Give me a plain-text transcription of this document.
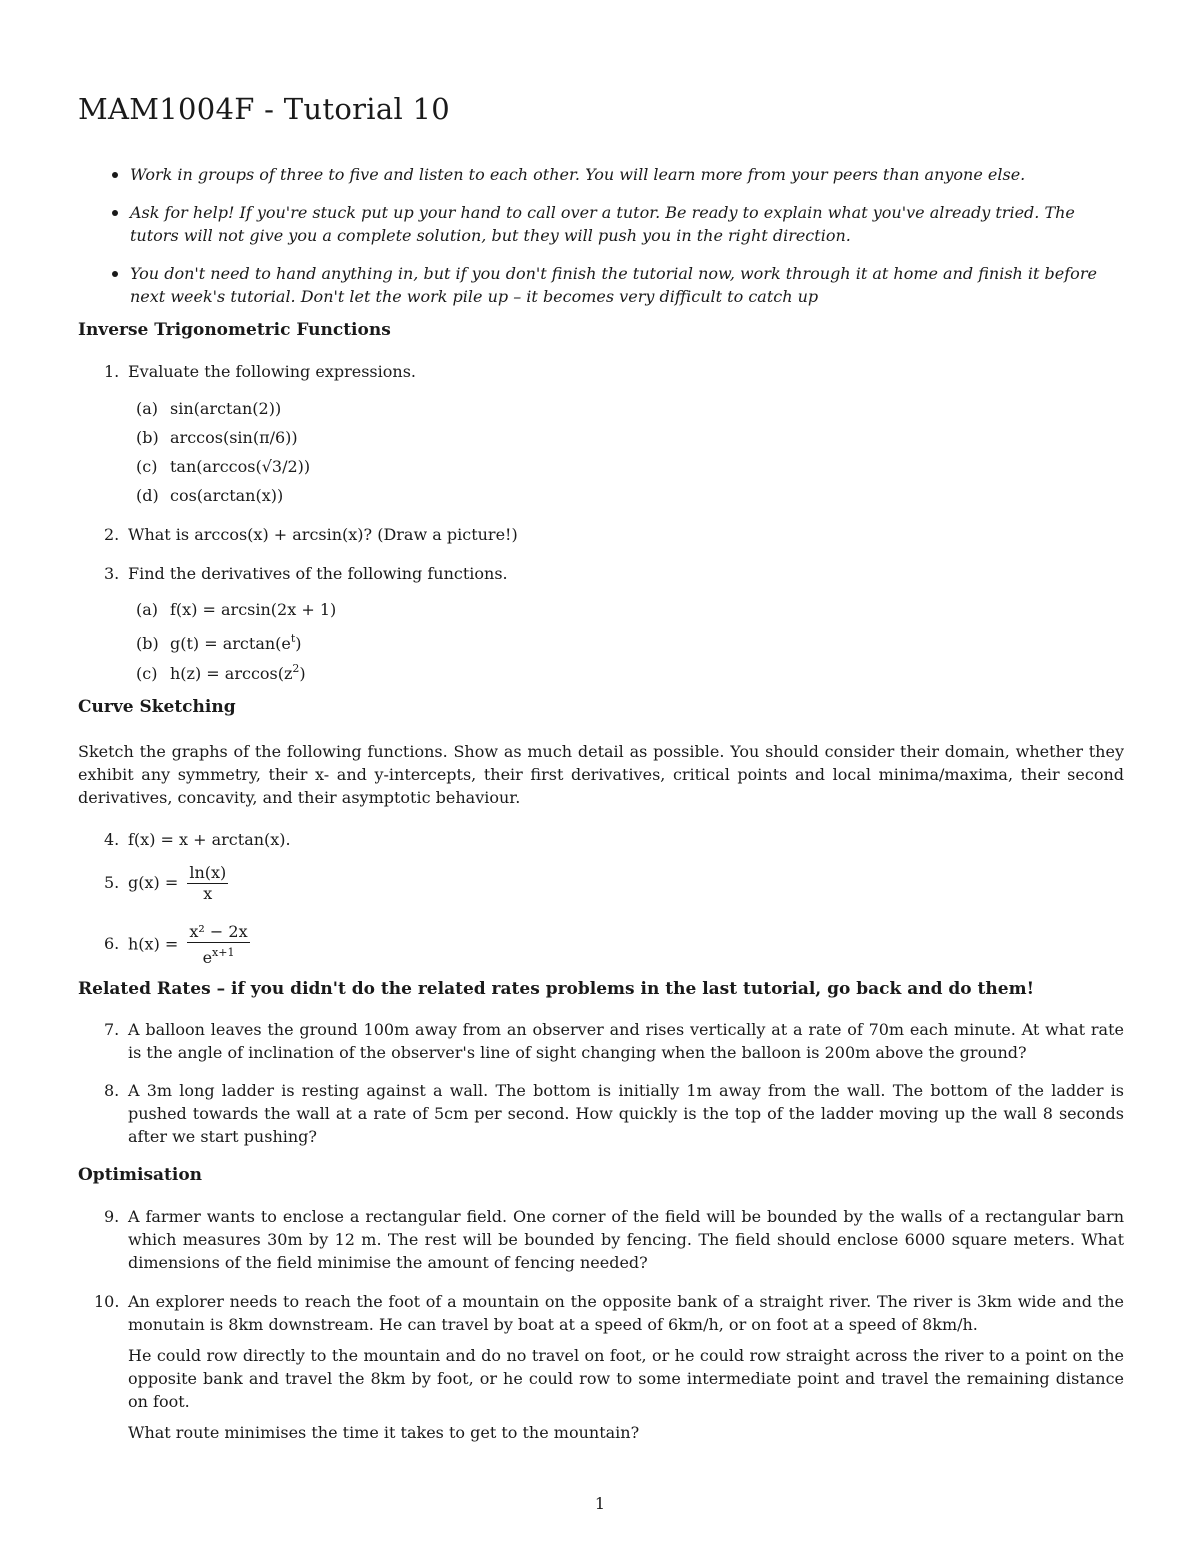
MAM1004F - Tutorial 10
Work in groups of three to five and listen to each other. You will learn more from your peers than anyone else.
Ask for help! If you're stuck put up your hand to call over a tutor. Be ready to explain what you've already tried. The tutors will not give you a complete solution, but they will push you in the right direction.
You don't need to hand anything in, but if you don't finish the tutorial now, work through it at home and finish it before next week's tutorial. Don't let the work pile up – it becomes very difficult to catch up
Inverse Trigonometric Functions
1. Evaluate the following expressions.
(a) sin(arctan(2))
(b) arccos(sin(π/6))
(c) tan(arccos(√3/2))
(d) cos(arctan(x))
2. What is arccos(x) + arcsin(x)? (Draw a picture!)
3. Find the derivatives of the following functions.
(a) f(x) = arcsin(2x + 1)
(b) $g(t) = \arctan(e^t)$
(c) $h(z) = \arccos(z^2)$
Curve Sketching
Sketch the graphs of the following functions. Show as much detail as possible. You should consider their domain, whether they exhibit any symmetry, their x- and y-intercepts, their first derivatives, critical points and local minima/maxima, their second derivatives, concavity, and their asymptotic behaviour.
4. f(x) = x + arctan(x).
5. $g(x) = \frac{\ln(x)}{x}$
6. $h(x) = \frac{\text{x² − 2x}}{e^{x+1}}$
Related Rates – if you didn't do the related rates problems in the last tutorial, go back and do them!
7. A balloon leaves the ground 100m away from an observer and rises vertically at a rate of 70m each minute. At what rate is the angle of inclination of the observer's line of sight changing when the balloon is 200m above the ground?
8. A 3m long ladder is resting against a wall. The bottom is initially 1m away from the wall. The bottom of the ladder is pushed towards the wall at a rate of 5cm per second. How quickly is the top of the ladder moving up the wall 8 seconds after we start pushing?
Optimisation
9. A farmer wants to enclose a rectangular field. One corner of the field will be bounded by the walls of a rectangular barn which measures 30m by 12 m. The rest will be bounded by fencing. The field should enclose 6000 square meters. What dimensions of the field minimise the amount of fencing needed?
10. An explorer needs to reach the foot of a mountain on the opposite bank of a straight river. The river is 3km wide and the monutain is 8km downstream. He can travel by boat at a speed of 6km/h, or on foot at a speed of 8km/h.
He could row directly to the mountain and do no travel on foot, or he could row straight across the river to a point on the opposite bank and travel the 8km by foot, or he could row to some intermediate point and travel the remaining distance on foot.
What route minimises the time it takes to get to the mountain?
1
